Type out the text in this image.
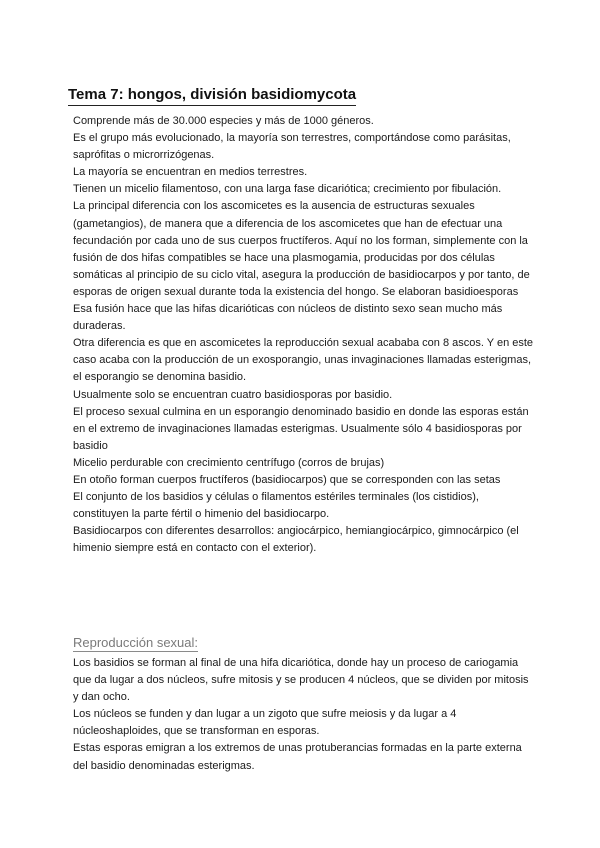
Tema 7: hongos, división basidiomycota

Comprende más de 30.000 especies y más de 1000 géneros.

Es el grupo más evolucionado, la mayoría son terrestres, comportándose como parásitas, saprófitas o microrrizógenas.

La mayoría se encuentran en medios terrestres.

Tienen un micelio filamentoso, con una larga fase dicariótica; crecimiento por fibulación.

La principal diferencia con los ascomicetes es la ausencia de estructuras sexuales (gametangios), de manera que a diferencia de los ascomicetes que han de efectuar una fecundación por cada uno de sus cuerpos fructíferos. Aquí no los forman, simplemente con la fusión de dos hifas compatibles se hace una plasmogamia, producidas por dos células somáticas al principio de su ciclo vital, asegura la producción de basidiocarpos y por tanto, de esporas de origen sexual durante toda la existencia del hongo. Se elaboran basidioesporas

Esa fusión hace que las hifas dicarióticas con núcleos de distinto sexo sean mucho más duraderas.

Otra diferencia es que en ascomicetes la reproducción sexual acababa con 8 ascos. Y en este caso acaba con la producción de un exosporangio, unas invaginaciones llamadas esterigmas, el esporangio se denomina basidio.

Usualmente solo se encuentran cuatro basidiosporas por basidio.

El proceso sexual culmina en un esporangio denominado basidio en donde las esporas están en el extremo de invaginaciones llamadas esterigmas. Usualmente sólo 4 basidiosporas por basidio

Micelio perdurable con crecimiento centrífugo (corros de brujas)

En otoño forman cuerpos fructíferos (basidiocarpos) que se corresponden con las setas

El conjunto de los basidios y células o filamentos estériles terminales (los cistidios), constituyen la parte fértil o himenio del basidiocarpo.

Basidiocarpos con diferentes desarrollos: angiocárpico, hemiangiocárpico, gimnocárpico (el himenio siempre está en contacto con el exterior).

Reproducción sexual:

Los basidios se forman al final de una hifa dicariótica, donde hay un proceso de cariogamia que da lugar a dos núcleos, sufre mitosis y se producen 4 núcleos, que se dividen por mitosis y dan ocho.

Los núcleos se funden y dan lugar a un zigoto que sufre meiosis y da lugar a 4 núcleoshaploides, que se transforman en esporas.

Estas esporas emigran a los extremos de unas protuberancias formadas en la parte externa del basidio denominadas esterigmas.
